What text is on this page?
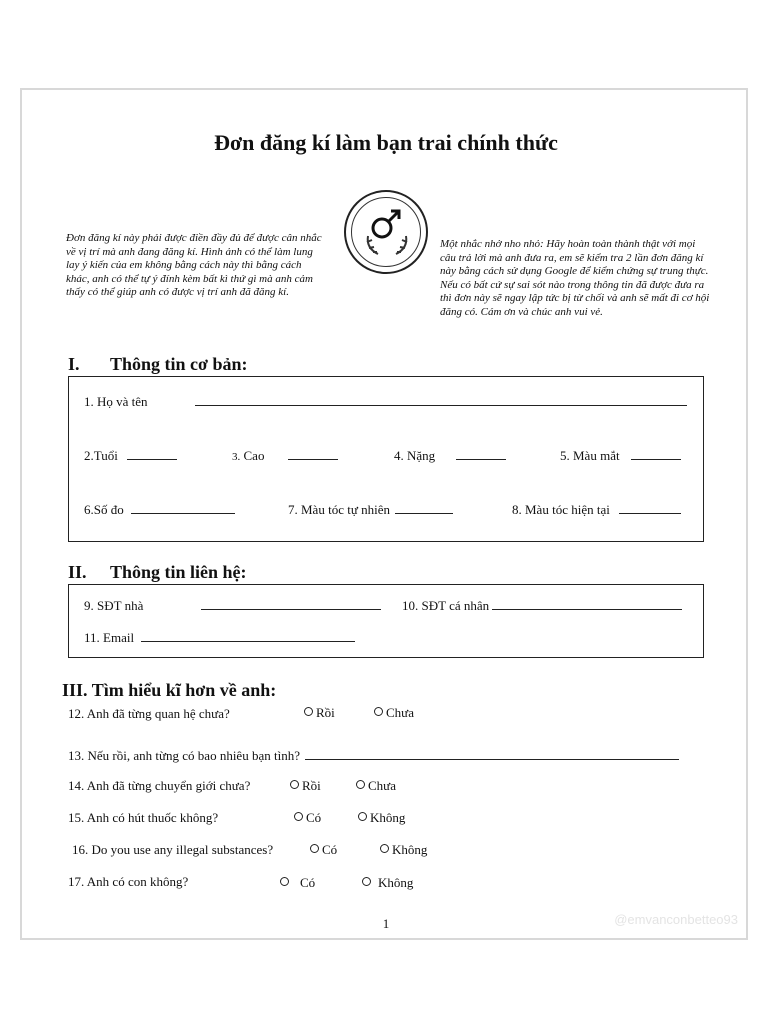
Đơn đăng kí làm bạn trai chính thức
Đơn đăng kí này phải được điền đầy đủ để được cân nhắc về vị trí mà anh đang đăng kí. Hình ảnh có thể làm lung lay ý kiến của em không bằng cách này thì bằng cách khác, anh có thể tự ý đính kèm bất kì thứ gì mà anh cảm thấy có thể giúp anh có được vị trí anh đã đăng kí.
Một nhắc nhở nho nhỏ: Hãy hoàn toàn thành thật với mọi câu trả lời mà anh đưa ra, em sẽ kiểm tra 2 lần đơn đăng kí này bằng cách sử dụng Google để kiểm chứng sự trung thực. Nếu có bất cứ sự sai sót nào trong thông tin đã được đưa ra thì đơn này sẽ ngay lập tức bị từ chối và anh sẽ mất đi cơ hội đăng có. Cám ơn và chúc anh vui vẻ.
I. Thông tin cơ bản:
1. Họ và tên
2.Tuổi	3. Cao	4. Nặng	5. Màu mắt
6.Số đo	7. Màu tóc tự nhiên	8. Màu tóc hiện tại
II. Thông tin liên hệ:
9. SĐT nhà	10. SĐT cá nhân
11. Email
III. Tìm hiểu kĩ hơn về anh:
12. Anh đã từng quan hệ chưa?	Rồi	Chưa
13. Nếu rồi, anh từng có bao nhiêu bạn tình?
14. Anh đã từng chuyển giới chưa?	Rồi	Chưa
15. Anh có hút thuốc không?	Có	Không
16. Do you use any illegal substances?	Có	Không
17. Anh có con không?	Có	Không
1	@emvanconbetteo93
